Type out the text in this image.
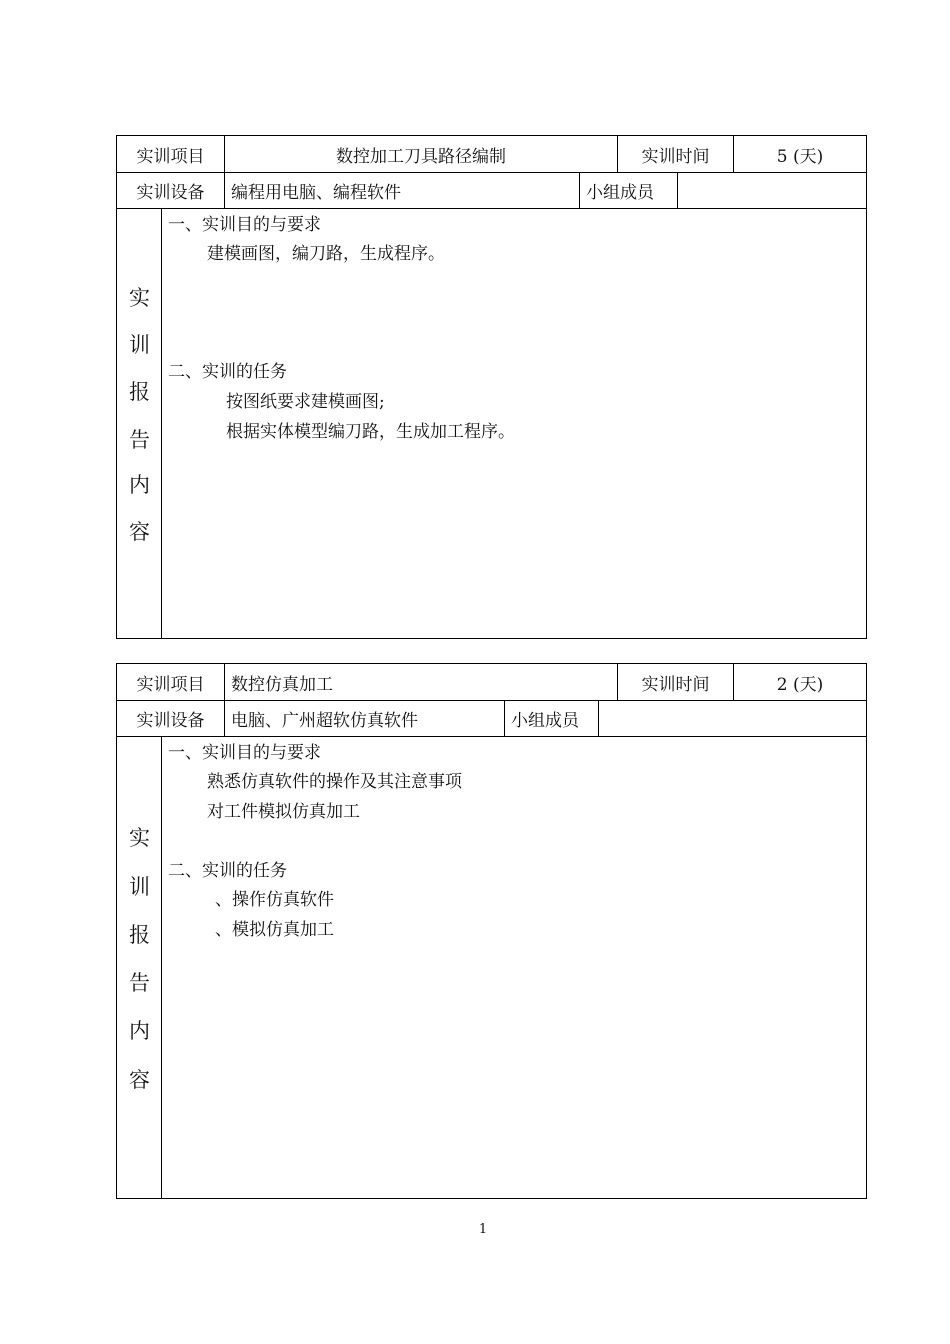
实训项目	数控加工刀具路径编制	实训时间	5 (天)
实训设备	编程用电脑、编程软件	小组成员
实
训
报
告
内
容
一、实训目的与要求
建模画图，编刀路，生成程序。
二、实训的任务
按图纸要求建模画图;
根据实体模型编刀路，生成加工程序。
实训项目	数控仿真加工	实训时间	2 (天)
实训设备	电脑、广州超软仿真软件	小组成员
实
训
报
告
内
容
一、实训目的与要求
熟悉仿真软件的操作及其注意事项
对工件模拟仿真加工
二、实训的任务
、操作仿真软件
、模拟仿真加工
1
